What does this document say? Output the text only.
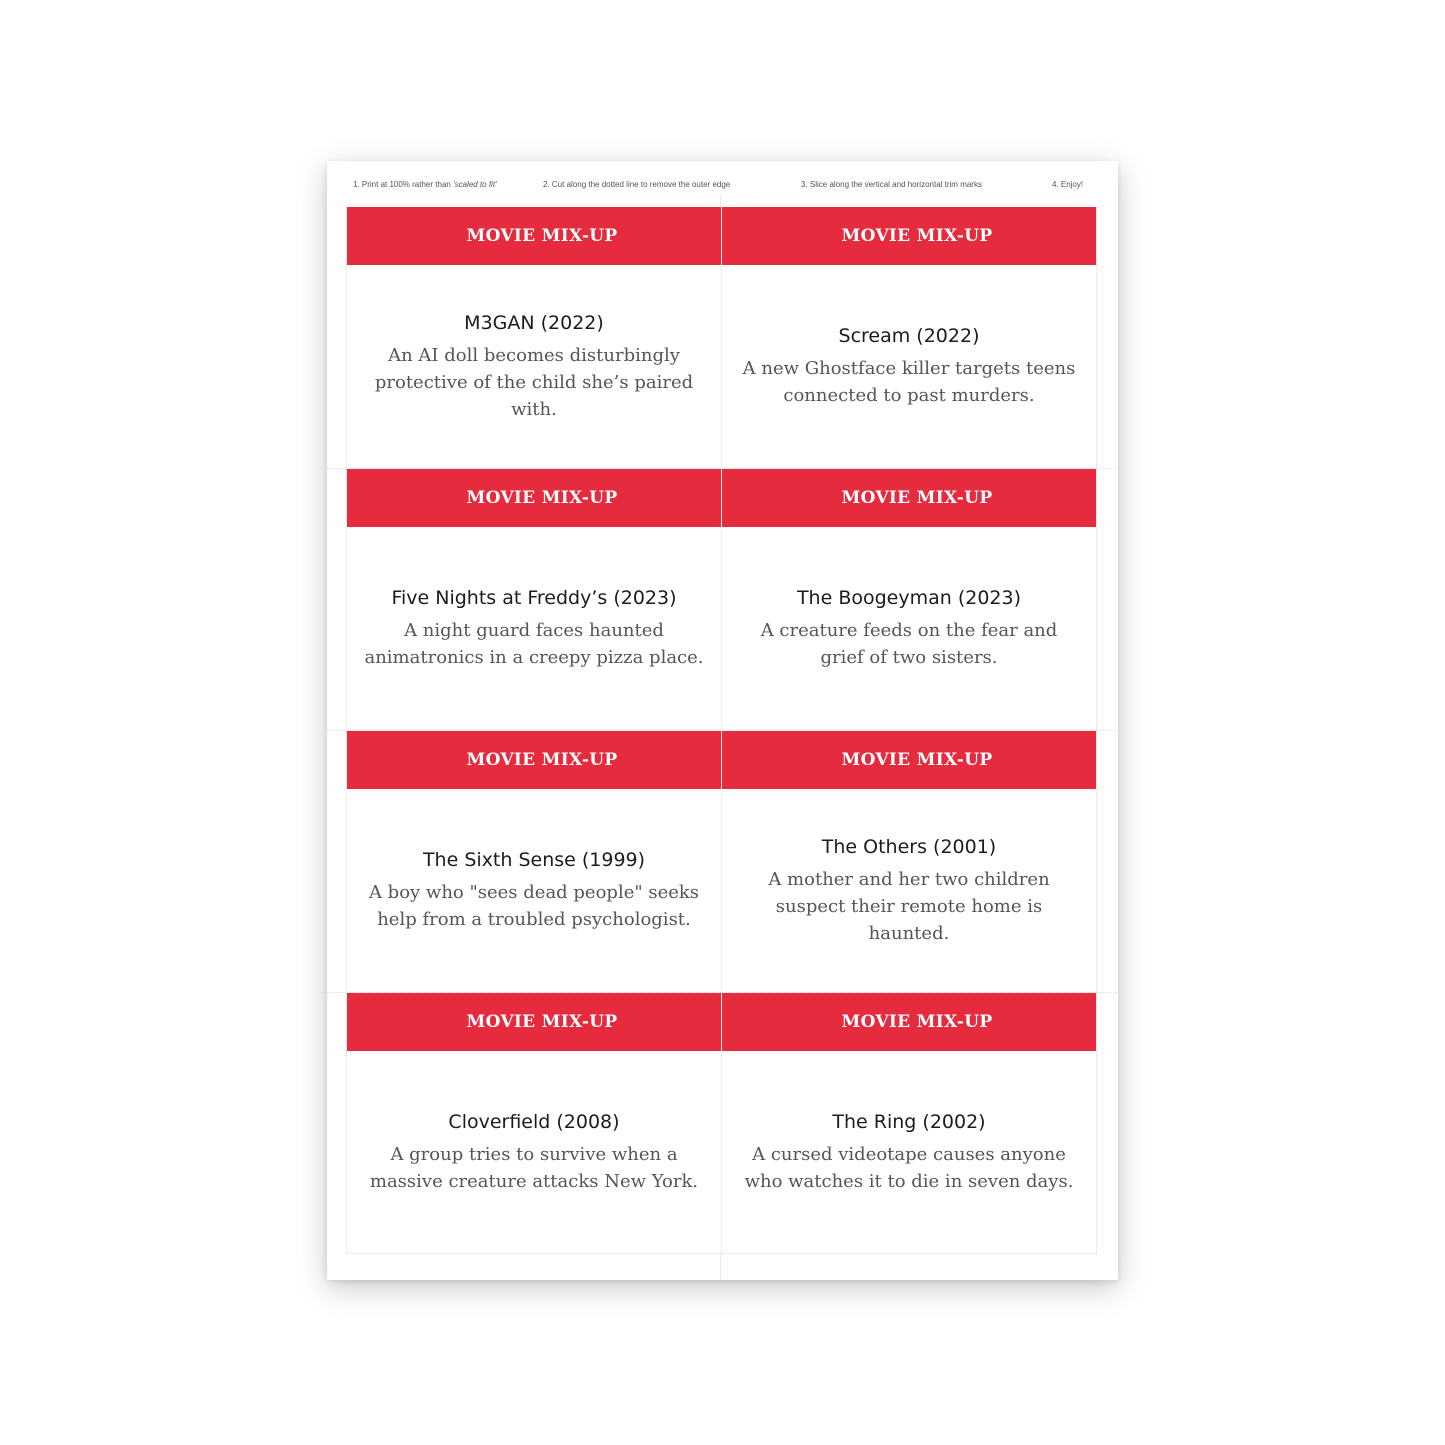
1. Print at 100% rather than 'scaled to fit'	2. Cut along the dotted line to remove the outer edge	3. Slice along the vertical and horizontal trim marks	4. Enjoy!
MOVIE MIX-UP
M3GAN (2022)
An AI doll becomes disturbingly protective of the child she’s paired with.
MOVIE MIX-UP
Scream (2022)
A new Ghostface killer targets teens connected to past murders.
MOVIE MIX-UP
Five Nights at Freddy’s (2023)
A night guard faces haunted animatronics in a creepy pizza place.
MOVIE MIX-UP
The Boogeyman (2023)
A creature feeds on the fear and grief of two sisters.
MOVIE MIX-UP
The Sixth Sense (1999)
A boy who "sees dead people" seeks help from a troubled psychologist.
MOVIE MIX-UP
The Others (2001)
A mother and her two children suspect their remote home is haunted.
MOVIE MIX-UP
Cloverfield (2008)
A group tries to survive when a massive creature attacks New York.
MOVIE MIX-UP
The Ring (2002)
A cursed videotape causes anyone who watches it to die in seven days.
